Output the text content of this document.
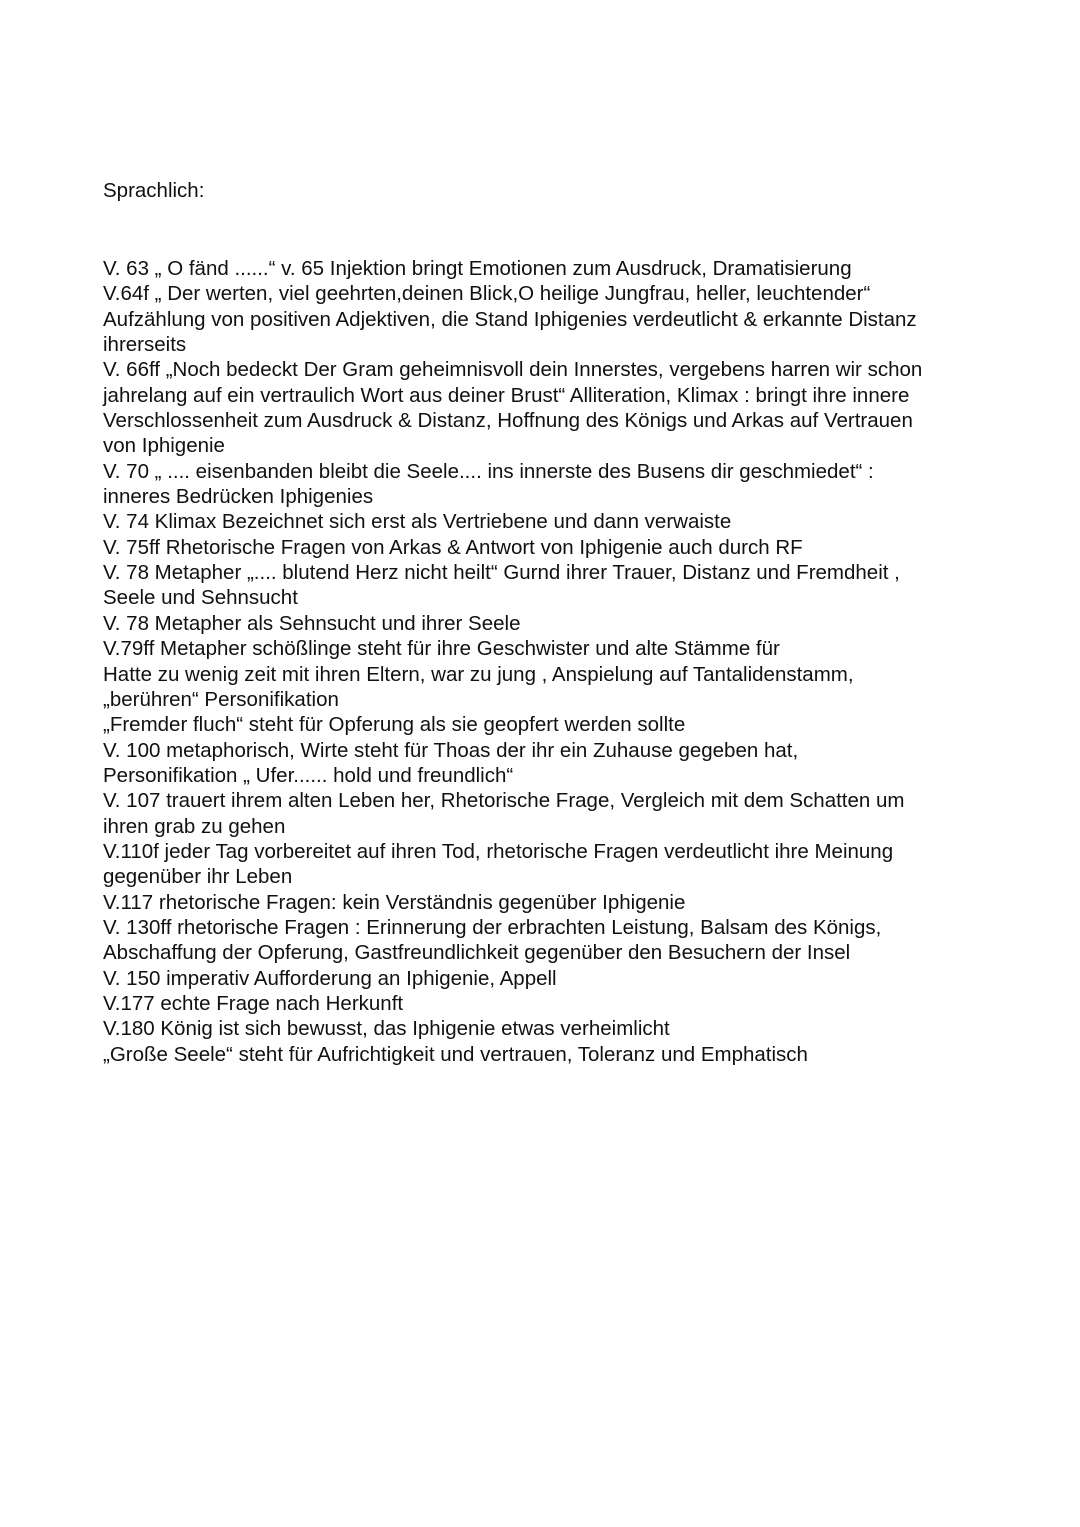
Sprachlich:

V. 63 „ O fänd ......“ v. 65 Injektion bringt Emotionen zum Ausdruck, Dramatisierung

V.64f „ Der werten, viel geehrten,deinen Blick,O heilige Jungfrau, heller, leuchtender“

Aufzählung von positiven Adjektiven, die Stand Iphigenies verdeutlicht & erkannte Distanz

ihrerseits

V. 66ff „Noch bedeckt Der Gram geheimnisvoll dein Innerstes, vergebens harren wir schon

jahrelang auf ein vertraulich Wort aus deiner Brust“ Alliteration, Klimax : bringt ihre innere

Verschlossenheit zum Ausdruck & Distanz, Hoffnung des Königs und Arkas auf Vertrauen

von Iphigenie

V. 70 „ .... eisenbanden bleibt die Seele.... ins innerste des Busens dir geschmiedet“ :

inneres Bedrücken Iphigenies

V. 74 Klimax Bezeichnet sich erst als Vertriebene und dann verwaiste

V. 75ff Rhetorische Fragen von Arkas & Antwort von Iphigenie auch durch RF

V. 78 Metapher „.... blutend Herz nicht heilt“ Gurnd ihrer Trauer, Distanz und Fremdheit ,

Seele und Sehnsucht

V. 78 Metapher als Sehnsucht und ihrer Seele

V.79ff Metapher schößlinge steht für ihre Geschwister und alte Stämme für

Hatte zu wenig zeit mit ihren Eltern, war zu jung , Anspielung auf Tantalidenstamm,

„berühren“ Personifikation

„Fremder fluch“ steht für Opferung als sie geopfert werden sollte

V. 100 metaphorisch, Wirte steht für Thoas der ihr ein Zuhause gegeben hat,

Personifikation „ Ufer...... hold und freundlich“

V. 107 trauert ihrem alten Leben her, Rhetorische Frage, Vergleich mit dem Schatten um

ihren grab zu gehen

V.110f jeder Tag vorbereitet auf ihren Tod, rhetorische Fragen verdeutlicht ihre Meinung

gegenüber ihr Leben

V.117 rhetorische Fragen: kein Verständnis gegenüber Iphigenie

V. 130ff rhetorische Fragen : Erinnerung der erbrachten Leistung, Balsam des Königs,

Abschaffung der Opferung, Gastfreundlichkeit gegenüber den Besuchern der Insel

V. 150 imperativ Aufforderung an Iphigenie, Appell

V.177 echte Frage nach Herkunft

V.180 König ist sich bewusst, das Iphigenie etwas verheimlicht

„Große Seele“ steht für Aufrichtigkeit und vertrauen, Toleranz und Emphatisch
